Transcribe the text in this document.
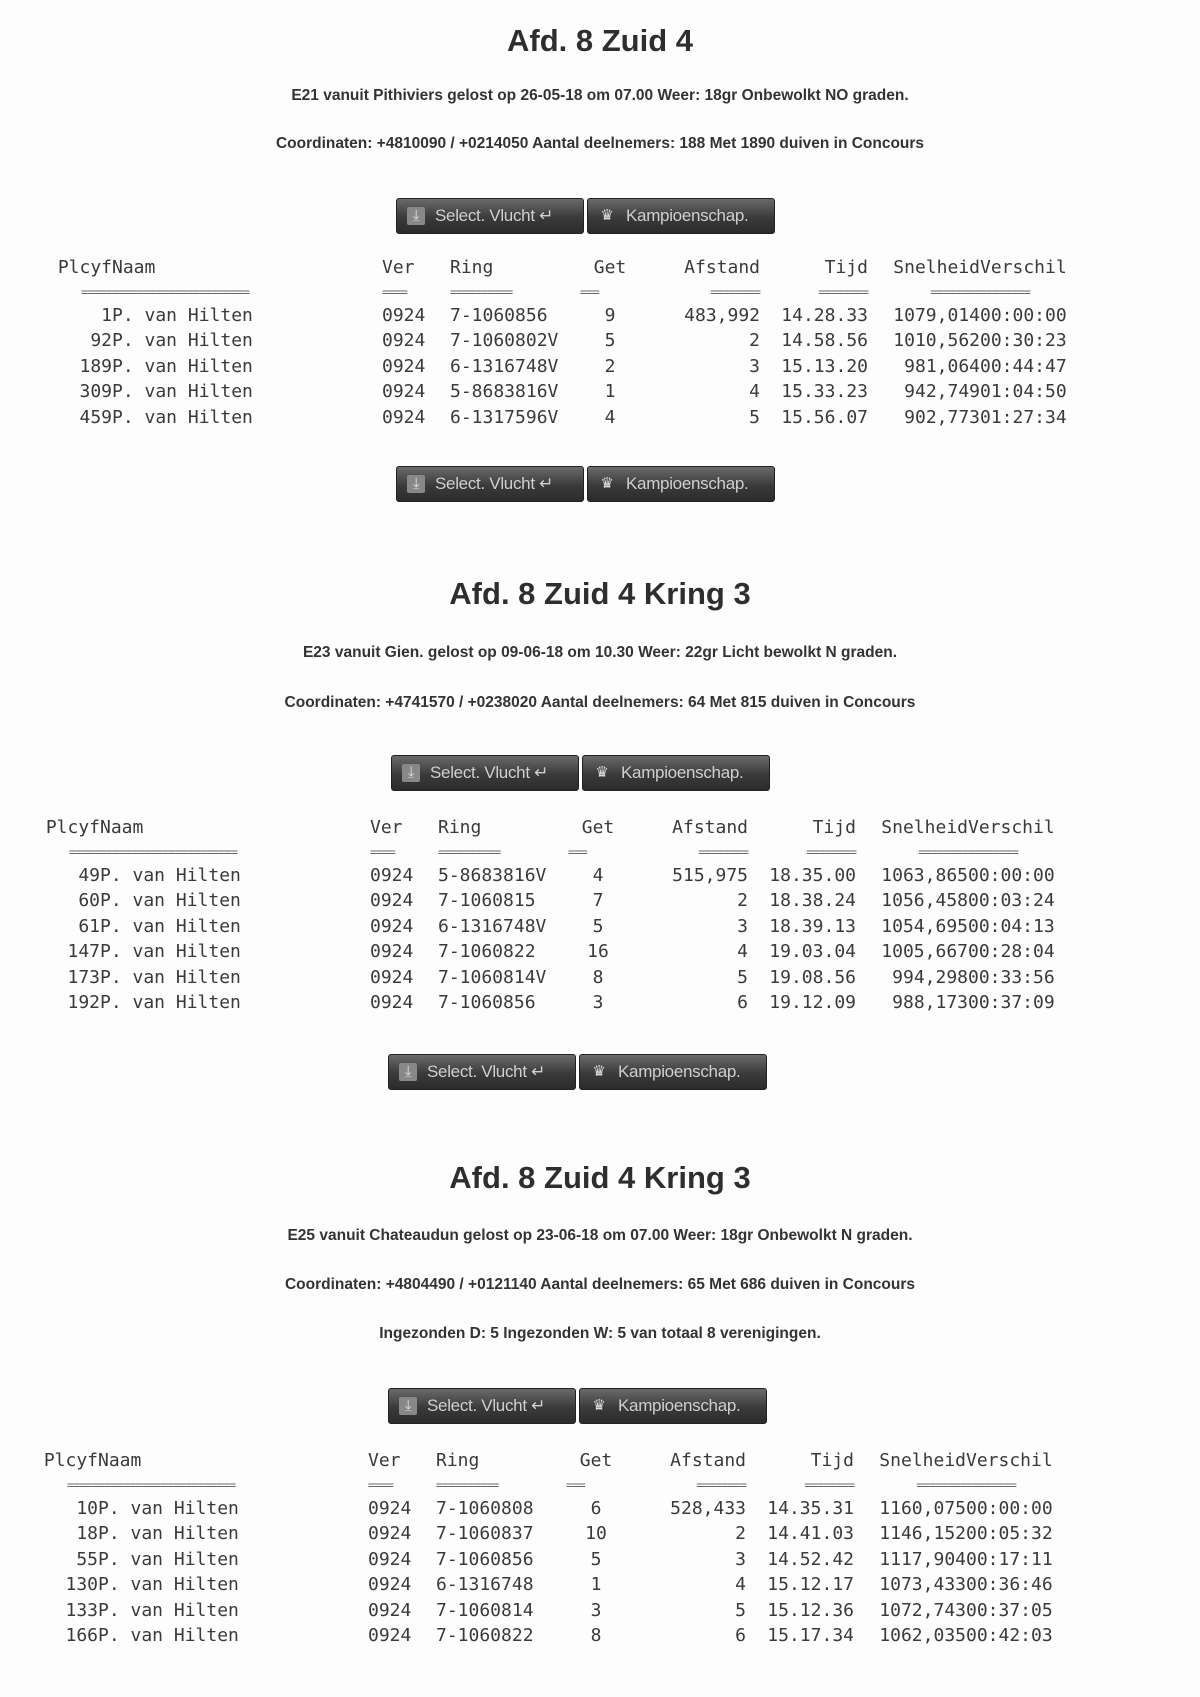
Afd. 8 Zuid 4
E21 vanuit Pithiviers gelost op 26-05-18 om 07.00 Weer: 18gr Onbewolkt NO graden.
Coordinaten: +4810090 / +0214050 Aantal deelnemers: 188 Met 1890 duiven in Concours
⤓ Select. Vlucht ↵	♛ Kampioenschap.
⤓ Select. Vlucht ↵	♛ Kampioenschap.
Plcyf	Naam	Ver	Ring	Get	Afstand	Tijd	Snelheid	Verschil
=====	======================	====	==========	===	========	========	========	========
1	P. van Hilten	0924	7-1060856	9	483,992	14.28.33	1079,014	00:00:00
92	P. van Hilten	0924	7-1060802V	5	2	14.58.56	1010,562	00:30:23
189	P. van Hilten	0924	6-1316748V	2	3	15.13.20	981,064	00:44:47
309	P. van Hilten	0924	5-8683816V	1	4	15.33.23	942,749	01:04:50
459	P. van Hilten	0924	6-1317596V	4	5	15.56.07	902,773	01:27:34
Afd. 8 Zuid 4 Kring 3
E23 vanuit Gien. gelost op 09-06-18 om 10.30 Weer: 22gr Licht bewolkt N graden.
Coordinaten: +4741570 / +0238020 Aantal deelnemers: 64 Met 815 duiven in Concours
⤓ Select. Vlucht ↵	♛ Kampioenschap.
⤓ Select. Vlucht ↵	♛ Kampioenschap.
Plcyf	Naam	Ver	Ring	Get	Afstand	Tijd	Snelheid	Verschil
=====	======================	====	==========	===	========	========	========	========
49	P. van Hilten	0924	5-8683816V	4	515,975	18.35.00	1063,865	00:00:00
60	P. van Hilten	0924	7-1060815	7	2	18.38.24	1056,458	00:03:24
61	P. van Hilten	0924	6-1316748V	5	3	18.39.13	1054,695	00:04:13
147	P. van Hilten	0924	7-1060822	16	4	19.03.04	1005,667	00:28:04
173	P. van Hilten	0924	7-1060814V	8	5	19.08.56	994,298	00:33:56
192	P. van Hilten	0924	7-1060856	3	6	19.12.09	988,173	00:37:09
Afd. 8 Zuid 4 Kring 3
E25 vanuit Chateaudun gelost op 23-06-18 om 07.00 Weer: 18gr Onbewolkt N graden.
Coordinaten: +4804490 / +0121140 Aantal deelnemers: 65 Met 686 duiven in Concours
Ingezonden D: 5 Ingezonden W: 5 van totaal 8 verenigingen.
⤓ Select. Vlucht ↵	♛ Kampioenschap.
Plcyf	Naam	Ver	Ring	Get	Afstand	Tijd	Snelheid	Verschil
=====	======================	====	==========	===	========	========	========	========
10	P. van Hilten	0924	7-1060808	6	528,433	14.35.31	1160,075	00:00:00
18	P. van Hilten	0924	7-1060837	10	2	14.41.03	1146,152	00:05:32
55	P. van Hilten	0924	7-1060856	5	3	14.52.42	1117,904	00:17:11
130	P. van Hilten	0924	6-1316748	1	4	15.12.17	1073,433	00:36:46
133	P. van Hilten	0924	7-1060814	3	5	15.12.36	1072,743	00:37:05
166	P. van Hilten	0924	7-1060822	8	6	15.17.34	1062,035	00:42:03
